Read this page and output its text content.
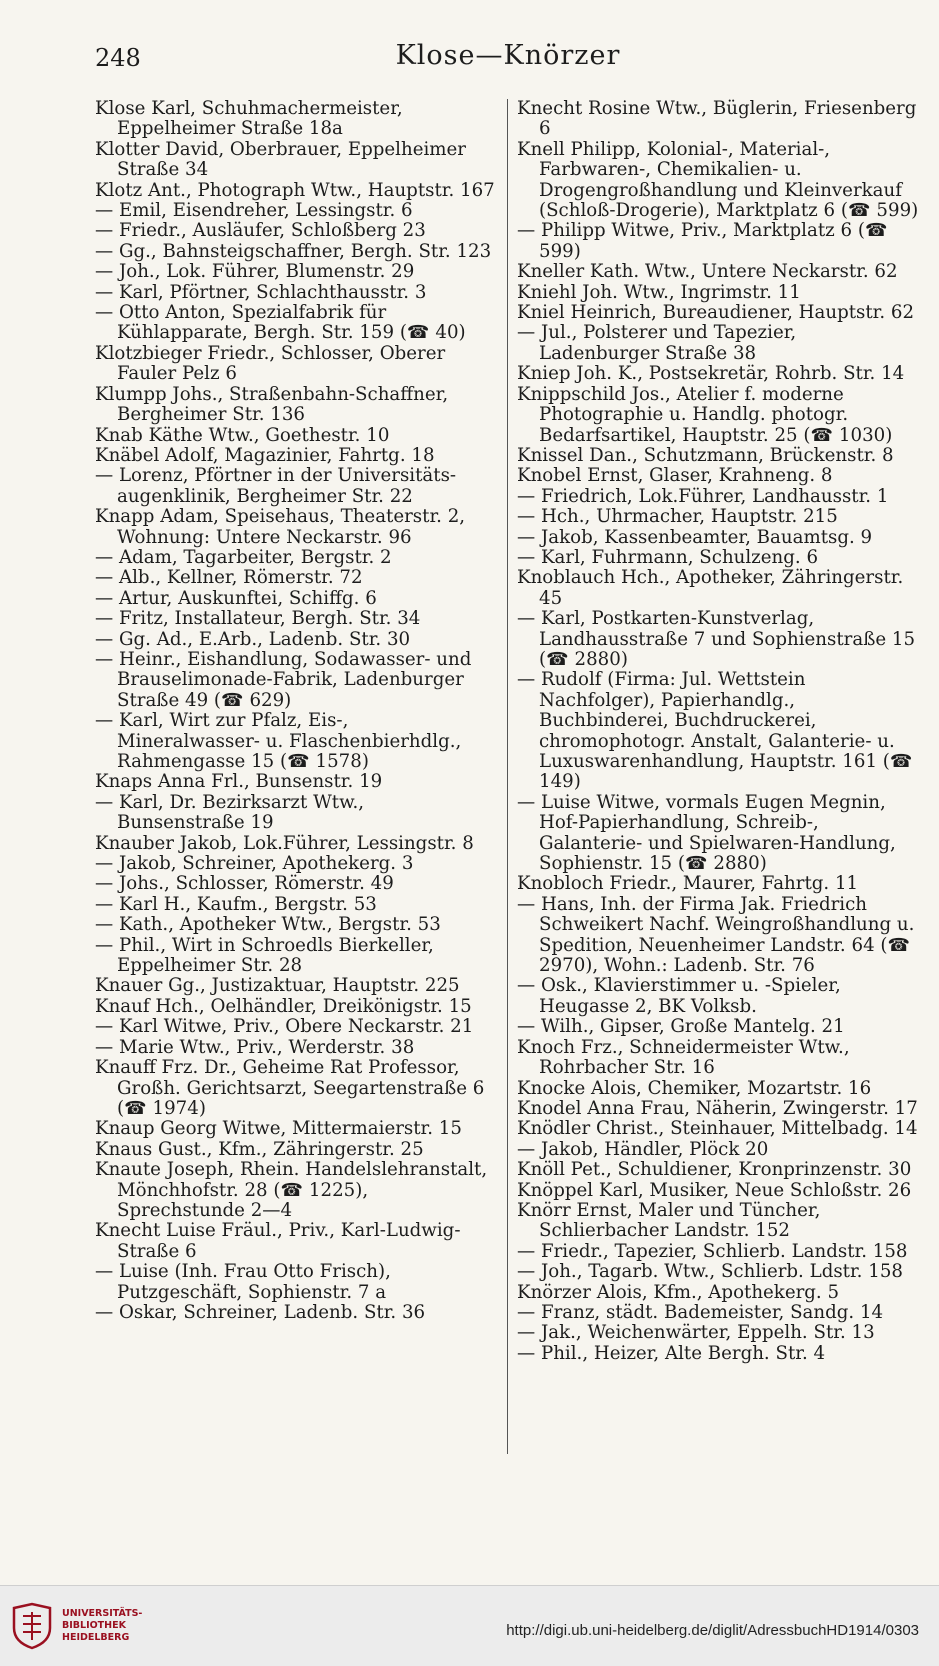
248	Klose—Knörzer
Klose Karl, Schuhmachermeister, Eppelheimer Straße 18a
Klotter David, Oberbrauer, Eppelheimer Straße 34
Klotz Ant., Photograph Wtw., Hauptstr. 167
— Emil, Eisendreher, Lessingstr. 6
— Friedr., Ausläufer, Schloßberg 23
— Gg., Bahnsteigschaffner, Bergh. Str. 123
— Joh., Lok. Führer, Blumenstr. 29
— Karl, Pförtner, Schlachthausstr. 3
— Otto Anton, Spezialfabrik für Kühlapparate, Bergh. Str. 159 (☎ 40)
Klotzbieger Friedr., Schlosser, Oberer Fauler Pelz 6
Klumpp Johs., Straßenbahn-Schaffner, Bergheimer Str. 136
Knab Käthe Wtw., Goethestr. 10
Knäbel Adolf, Magazinier, Fahrtg. 18
— Lorenz, Pförtner in der Universitäts-augenklinik, Bergheimer Str. 22
Knapp Adam, Speisehaus, Theaterstr. 2, Wohnung: Untere Neckarstr. 96
— Adam, Tagarbeiter, Bergstr. 2
— Alb., Kellner, Römerstr. 72
— Artur, Auskunftei, Schiffg. 6
— Fritz, Installateur, Bergh. Str. 34
— Gg. Ad., E.Arb., Ladenb. Str. 30
— Heinr., Eishandlung, Sodawasser- und Brauselimonade-Fabrik, Ladenburger Straße 49 (☎ 629)
— Karl, Wirt zur Pfalz, Eis-, Mineralwasser- u. Flaschenbierhdlg., Rahmengasse 15 (☎ 1578)
Knaps Anna Frl., Bunsenstr. 19
— Karl, Dr. Bezirksarzt Wtw., Bunsenstraße 19
Knauber Jakob, Lok.Führer, Lessingstr. 8
— Jakob, Schreiner, Apothekerg. 3
— Johs., Schlosser, Römerstr. 49
— Karl H., Kaufm., Bergstr. 53
— Kath., Apotheker Wtw., Bergstr. 53
— Phil., Wirt in Schroedls Bierkeller, Eppelheimer Str. 28
Knauer Gg., Justizaktuar, Hauptstr. 225
Knauf Hch., Oelhändler, Dreikönigstr. 15
— Karl Witwe, Priv., Obere Neckarstr. 21
— Marie Wtw., Priv., Werderstr. 38
Knauff Frz. Dr., Geheime Rat Professor, Großh. Gerichtsarzt, Seegartenstraße 6 (☎ 1974)
Knaup Georg Witwe, Mittermaierstr. 15
Knaus Gust., Kfm., Zähringerstr. 25
Knaute Joseph, Rhein. Handelslehranstalt, Mönchhofstr. 28 (☎ 1225), Sprechstunde 2—4
Knecht Luise Fräul., Priv., Karl-Ludwig-Straße 6
— Luise (Inh. Frau Otto Frisch), Putzgeschäft, Sophienstr. 7 a
— Oskar, Schreiner, Ladenb. Str. 36
Knecht Rosine Wtw., Büglerin, Friesenberg 6
Knell Philipp, Kolonial-, Material-, Farbwaren-, Chemikalien- u. Drogengroßhandlung und Kleinverkauf (Schloß-Drogerie), Marktplatz 6 (☎ 599)
— Philipp Witwe, Priv., Marktplatz 6 (☎ 599)
Kneller Kath. Wtw., Untere Neckarstr. 62
Kniehl Joh. Wtw., Ingrimstr. 11
Kniel Heinrich, Bureaudiener, Hauptstr. 62
— Jul., Polsterer und Tapezier, Ladenburger Straße 38
Kniep Joh. K., Postsekretär, Rohrb. Str. 14
Knippschild Jos., Atelier f. moderne Photographie u. Handlg. photogr. Bedarfsartikel, Hauptstr. 25 (☎ 1030)
Knissel Dan., Schutzmann, Brückenstr. 8
Knobel Ernst, Glaser, Krahneng. 8
— Friedrich, Lok.Führer, Landhausstr. 1
— Hch., Uhrmacher, Hauptstr. 215
— Jakob, Kassenbeamter, Bauamtsg. 9
— Karl, Fuhrmann, Schulzeng. 6
Knoblauch Hch., Apotheker, Zähringerstr. 45
— Karl, Postkarten-Kunstverlag, Landhausstraße 7 und Sophienstraße 15 (☎ 2880)
— Rudolf (Firma: Jul. Wettstein Nachfolger), Papierhandlg., Buchbinderei, Buchdruckerei, chromophotogr. Anstalt, Galanterie- u. Luxuswarenhandlung, Hauptstr. 161 (☎ 149)
— Luise Witwe, vormals Eugen Megnin, Hof-Papierhandlung, Schreib-, Galanterie- und Spielwaren-Handlung, Sophienstr. 15 (☎ 2880)
Knobloch Friedr., Maurer, Fahrtg. 11
— Hans, Inh. der Firma Jak. Friedrich Schweikert Nachf. Weingroßhandlung u. Spedition, Neuenheimer Landstr. 64 (☎ 2970), Wohn.: Ladenb. Str. 76
— Osk., Klavierstimmer u. -Spieler, Heugasse 2, BK Volksb.
— Wilh., Gipser, Große Mantelg. 21
Knoch Frz., Schneidermeister Wtw., Rohrbacher Str. 16
Knocke Alois, Chemiker, Mozartstr. 16
Knodel Anna Frau, Näherin, Zwingerstr. 17
Knödler Christ., Steinhauer, Mittelbadg. 14
— Jakob, Händler, Plöck 20
Knöll Pet., Schuldiener, Kronprinzenstr. 30
Knöppel Karl, Musiker, Neue Schloßstr. 26
Knörr Ernst, Maler und Tüncher, Schlierbacher Landstr. 152
— Friedr., Tapezier, Schlierb. Landstr. 158
— Joh., Tagarb. Wtw., Schlierb. Ldstr. 158
Knörzer Alois, Kfm., Apothekerg. 5
— Franz, städt. Bademeister, Sandg. 14
— Jak., Weichenwärter, Eppelh. Str. 13
— Phil., Heizer, Alte Bergh. Str. 4
UNIVERSITÄTS-
BIBLIOTHEK
HEIDELBERG	http://digi.ub.uni-heidelberg.de/diglit/AdressbuchHD1914/0303
